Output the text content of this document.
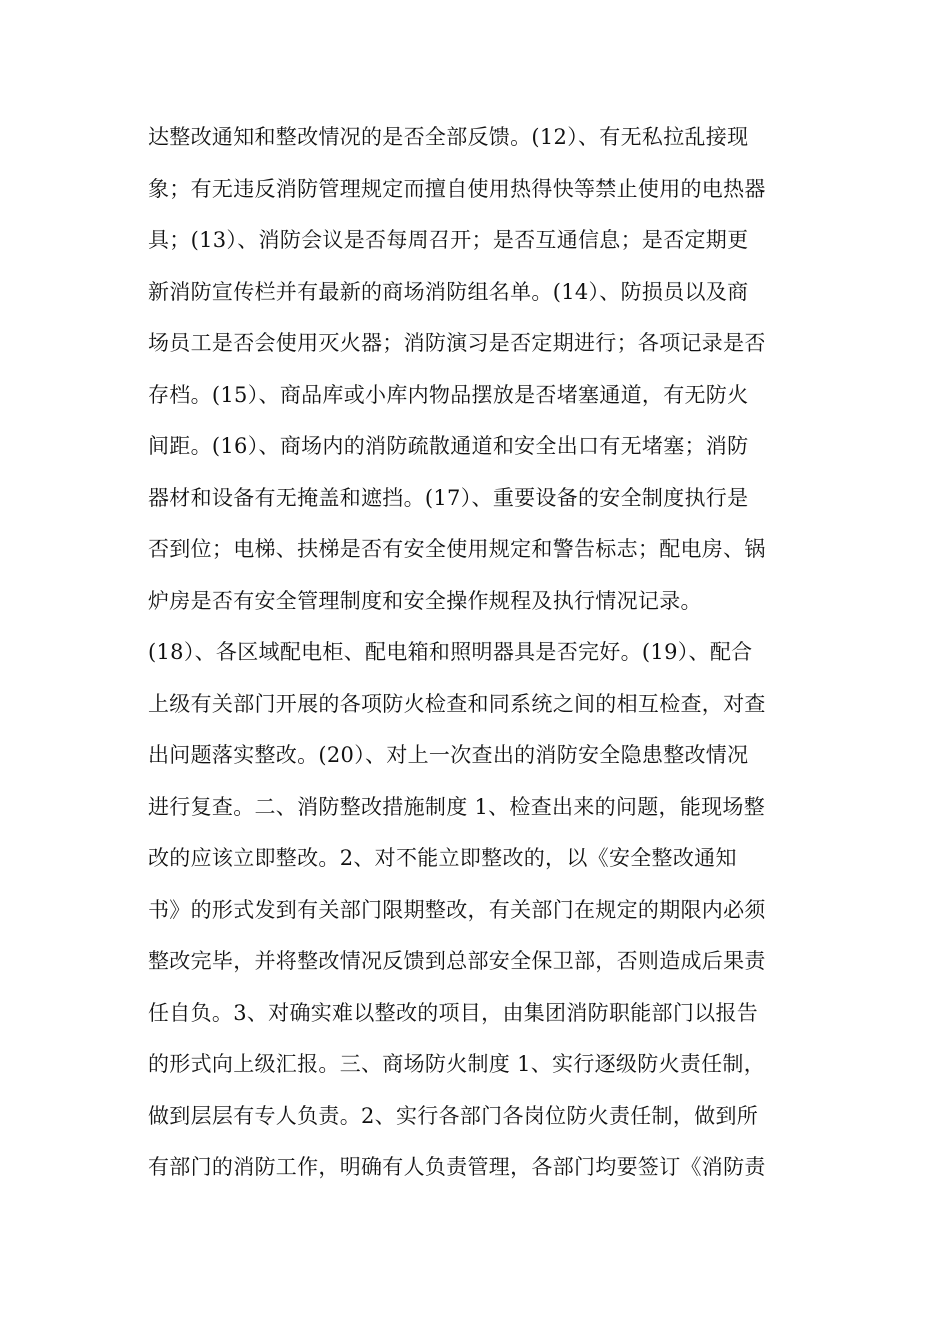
达整改通知和整改情况的是否全部反馈。(12）、有无私拉乱接现
象；有无违反消防管理规定而擅自使用热得快等禁止使用的电热器
具；(13）、消防会议是否每周召开；是否互通信息；是否定期更
新消防宣传栏并有最新的商场消防组名单。(14）、防损员以及商
场员工是否会使用灭火器；消防演习是否定期进行；各项记录是否
存档。(15）、商品库或小库内物品摆放是否堵塞通道，有无防火
间距。(16）、商场内的消防疏散通道和安全出口有无堵塞；消防
器材和设备有无掩盖和遮挡。(17）、重要设备的安全制度执行是
否到位；电梯、扶梯是否有安全使用规定和警告标志；配电房、锅
炉房是否有安全管理制度和安全操作规程及执行情况记录。
(18）、各区域配电柜、配电箱和照明器具是否完好。(19）、配合
上级有关部门开展的各项防火检查和同系统之间的相互检查，对查
出问题落实整改。(20）、对上一次查出的消防安全隐患整改情况
进行复查。二、消防整改措施制度 1、检查出来的问题，能现场整
改的应该立即整改。2、对不能立即整改的，以《安全整改通知
书》的形式发到有关部门限期整改，有关部门在规定的期限内必须
整改完毕，并将整改情况反馈到总部安全保卫部，否则造成后果责
任自负。3、对确实难以整改的项目，由集团消防职能部门以报告
的形式向上级汇报。三、商场防火制度 1、实行逐级防火责任制，
做到层层有专人负责。2、实行各部门各岗位防火责任制，做到所
有部门的消防工作，明确有人负责管理，各部门均要签订《消防责
